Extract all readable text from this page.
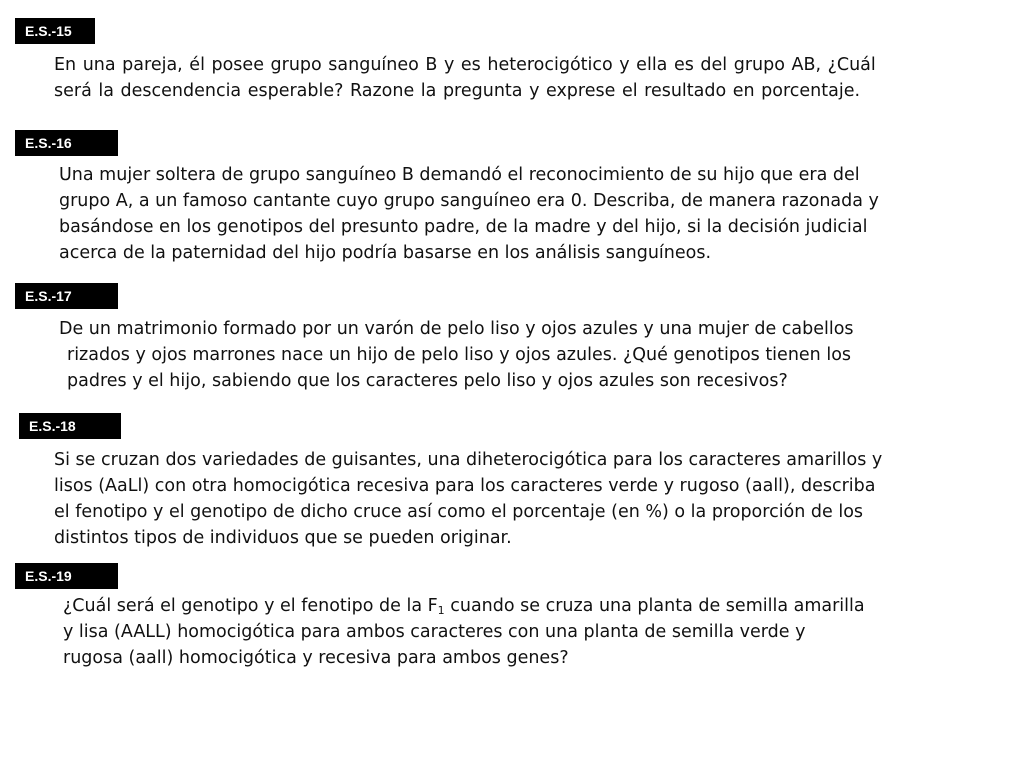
E.S.-15
En una pareja, él posee grupo sanguíneo B y es heterocigótico y ella es del grupo AB, ¿Cuál
será la descendencia esperable? Razone la pregunta y exprese el resultado en porcentaje.
E.S.-16
Una mujer soltera de grupo sanguíneo B demandó el reconocimiento de su hijo que era del
grupo A, a un famoso cantante cuyo grupo sanguíneo era 0. Describa, de manera razonada y
basándose en los genotipos del presunto padre, de la madre y del hijo, si la decisión judicial
acerca de la paternidad del hijo podría basarse en los análisis sanguíneos.
E.S.-17
De un matrimonio formado por un varón de pelo liso y ojos azules y una mujer de cabellos
rizados y ojos marrones nace un hijo de pelo liso y ojos azules. ¿Qué genotipos tienen los
padres y el hijo, sabiendo que los caracteres pelo liso y ojos azules son recesivos?
E.S.-18
Si se cruzan dos variedades de guisantes, una diheterocigótica para los caracteres amarillos y
lisos (AaLl) con otra homocigótica recesiva para los caracteres verde y rugoso (aall), describa
el fenotipo y el genotipo de dicho cruce así como el porcentaje (en %) o la proporción de los
distintos tipos de individuos que se pueden originar.
E.S.-19
¿Cuál será el genotipo y el fenotipo de la $F_1$ cuando se cruza una planta de semilla amarilla
y lisa (AALL) homocigótica para ambos caracteres con una planta de semilla verde y
rugosa (aall) homocigótica y recesiva para ambos genes?
